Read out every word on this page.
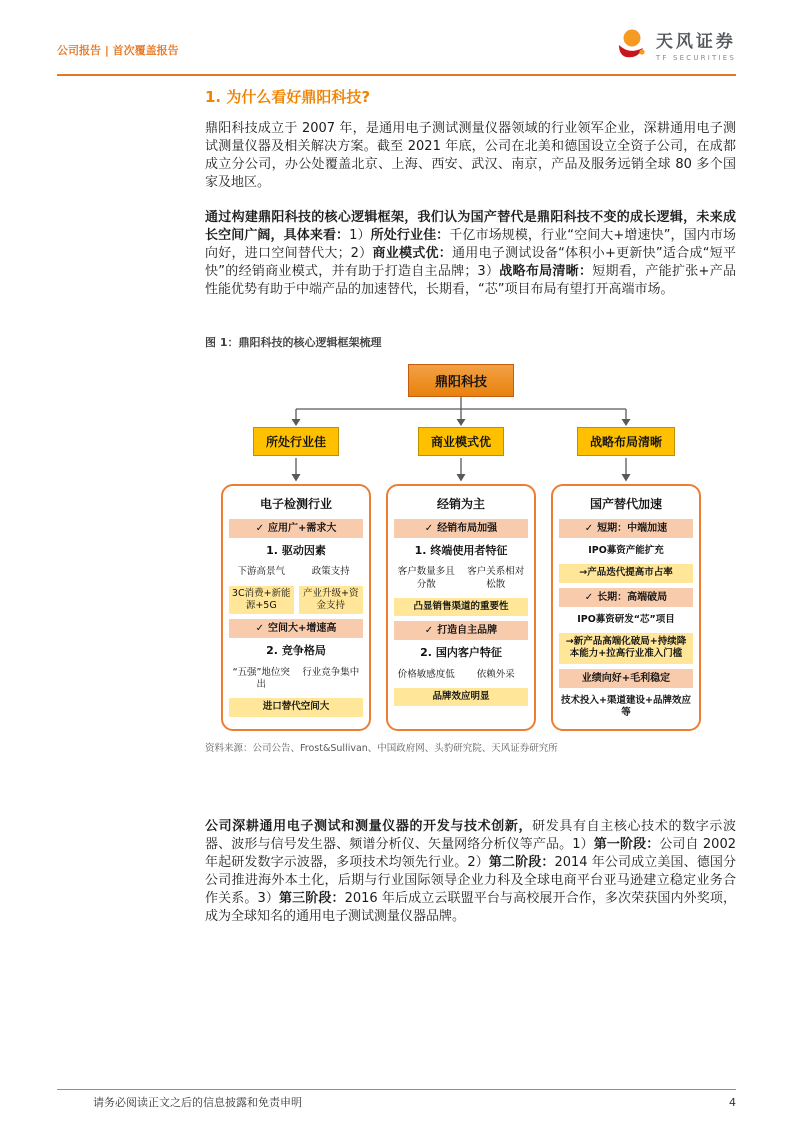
公司报告 | 首次覆盖报告	天风证券
TF SECURITIES
1. 为什么看好鼎阳科技?
鼎阳科技成立于 2007 年，是通用电子测试测量仪器领域的行业领军企业，深耕通用电子测试测量仪器及相关解决方案。截至 2021 年底，公司在北美和德国设立全资子公司，在成都成立分公司，办公处覆盖北京、上海、西安、武汉、南京，产品及服务远销全球 80 多个国家及地区。
通过构建鼎阳科技的核心逻辑框架，我们认为国产替代是鼎阳科技不变的成长逻辑，未来成长空间广阔，具体来看：1）所处行业佳：千亿市场规模，行业“空间大+增速快”，国内市场向好，进口空间替代大；2）商业模式优：通用电子测试设备“体积小+更新快”适合成“短平快”的经销商业模式，并有助于打造自主品牌；3）战略布局清晰：短期看，产能扩张+产品性能优势有助于中端产品的加速替代，长期看，“芯”项目布局有望打开高端市场。
图 1：鼎阳科技的核心逻辑框架梳理
鼎阳科技
所处行业佳	商业模式优	战略布局清晰
电子检测行业
✓ 应用广+需求大
1. 驱动因素
下游高景气	政策支持
3C消费+新能源+5G
产业升级+资金支持
✓ 空间大+增速高
2. 竞争格局
“五强”地位突出
行业竞争集中
进口替代空间大
经销为主
✓ 经销布局加强
1. 终端使用者特征
客户数量多且分散
客户关系相对松散
凸显销售渠道的重要性
✓ 打造自主品牌
2. 国内客户特征
价格敏感度低	依赖外采
品牌效应明显
国产替代加速
✓ 短期：中端加速
IPO募资产能扩充
→产品迭代提高市占率
✓ 长期：高端破局
IPO募资研发“芯”项目
→新产品高端化破局+持续降本能力+拉高行业准入门槛
业绩向好+毛利稳定
技术投入+渠道建设+品牌效应等
资料来源：公司公告、Frost&Sullivan、中国政府网、头豹研究院、天风证券研究所
公司深耕通用电子测试和测量仪器的开发与技术创新，研发具有自主核心技术的数字示波器、波形与信号发生器、频谱分析仪、矢量网络分析仪等产品。1）第一阶段：公司自 2002 年起研发数字示波器，多项技术均领先行业。2）第二阶段：2014 年公司成立美国、德国分公司推进海外本土化，后期与行业国际领导企业力科及全球电商平台亚马逊建立稳定业务合作关系。3）第三阶段：2016 年后成立云联盟平台与高校展开合作，多次荣获国内外奖项，成为全球知名的通用电子测试测量仪器品牌。
请务必阅读正文之后的信息披露和免责申明	4
